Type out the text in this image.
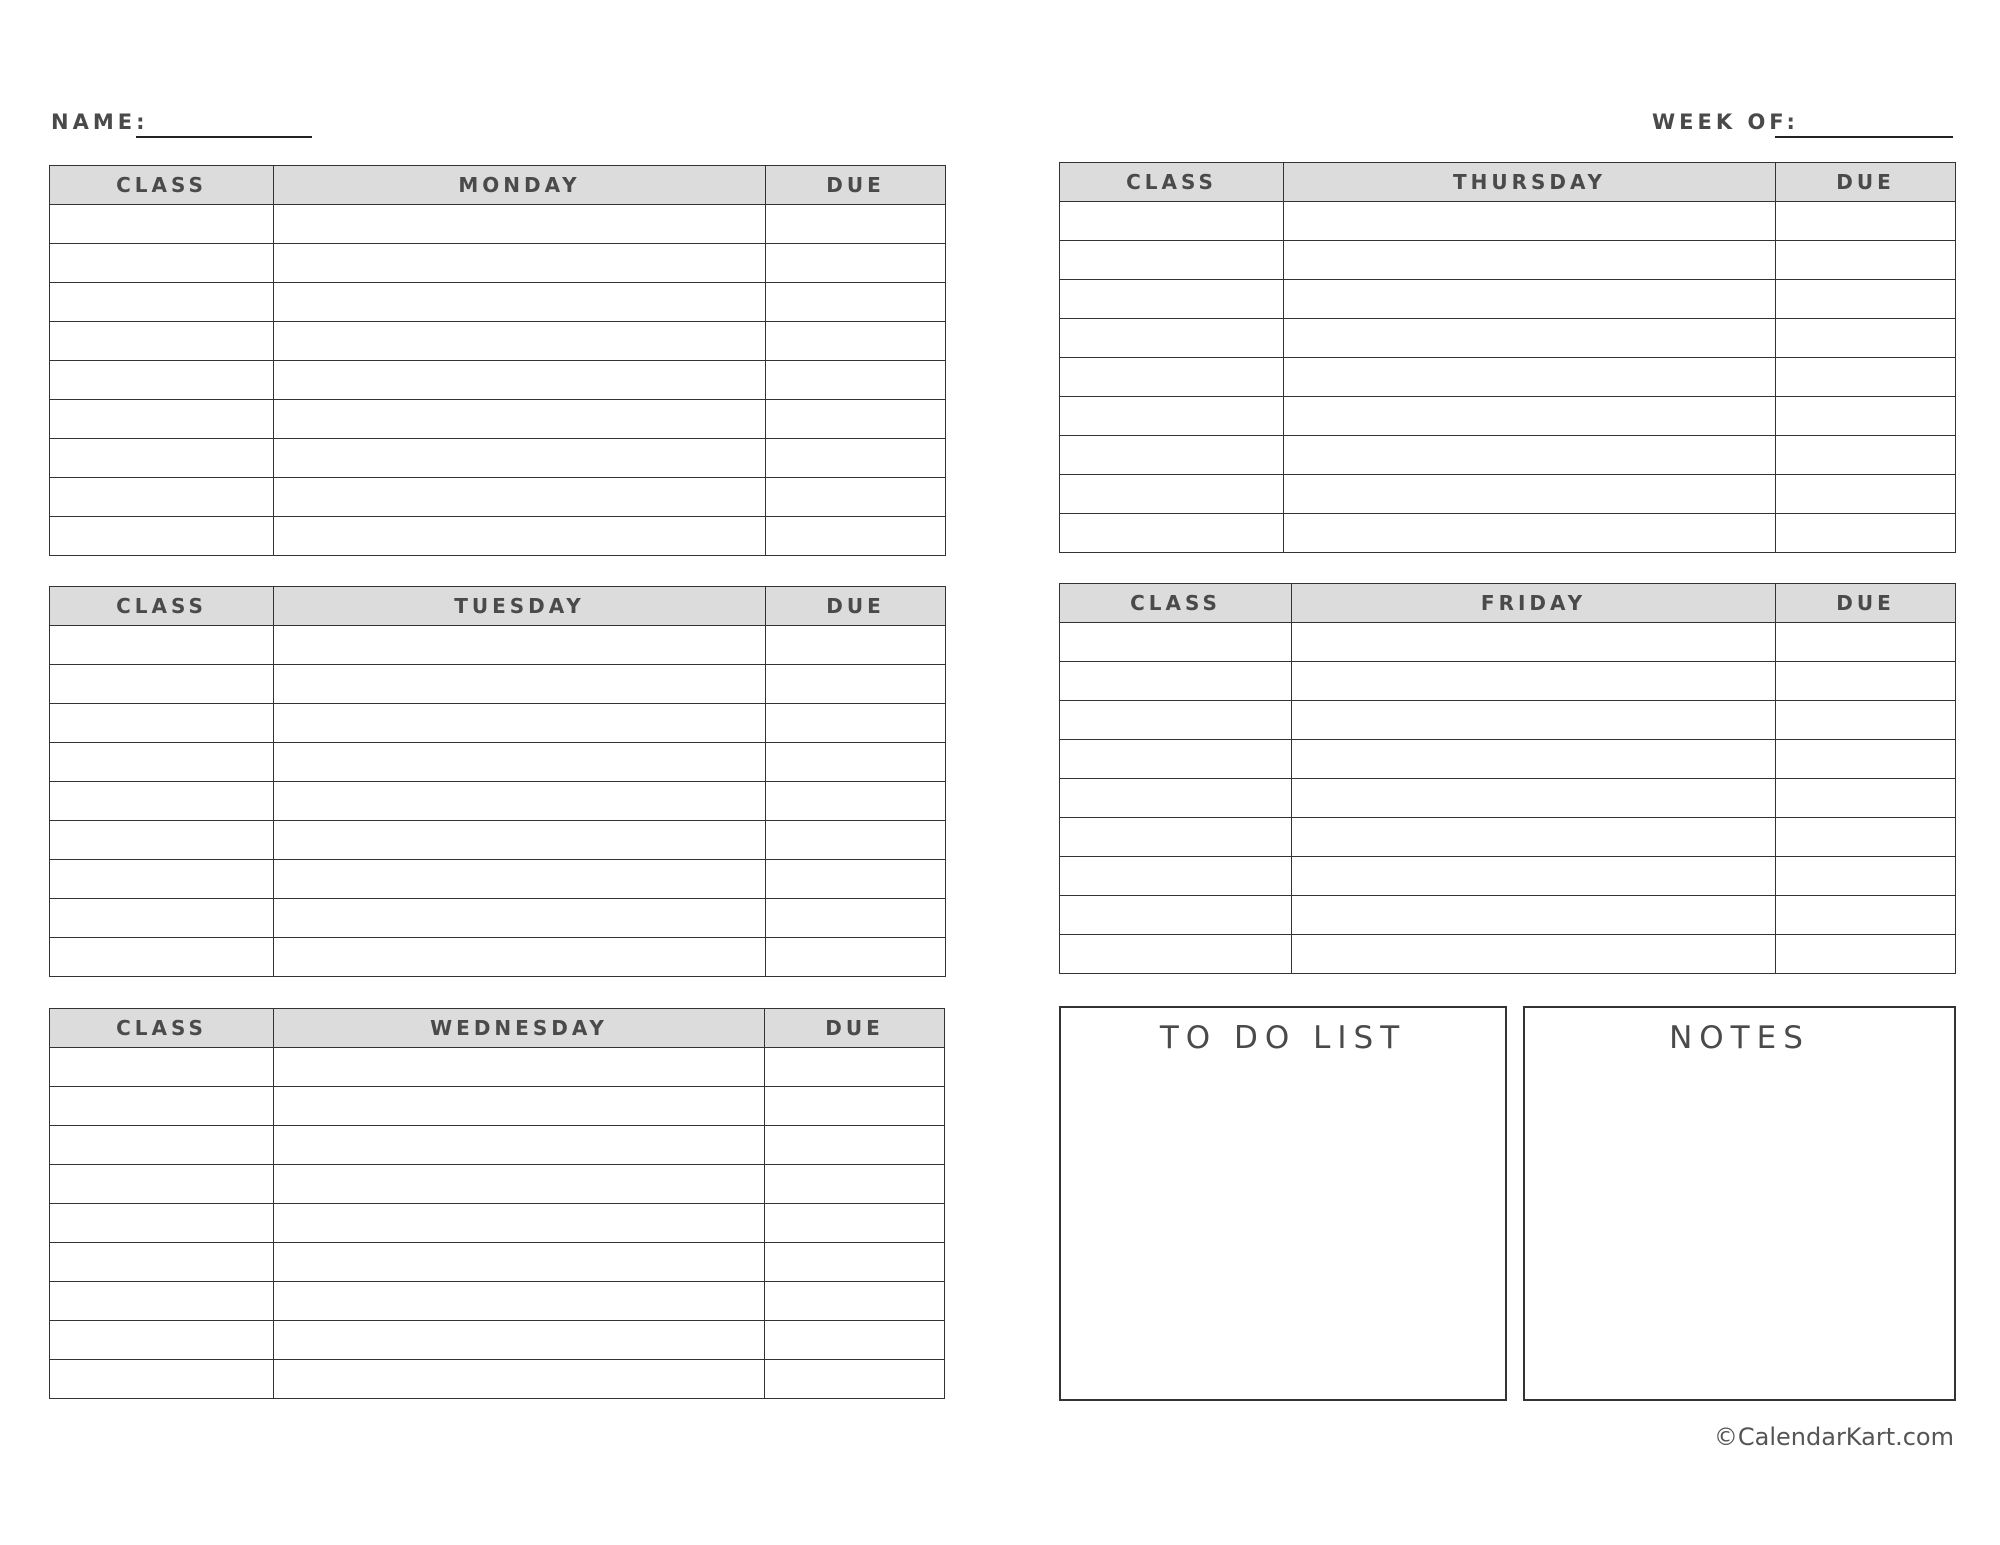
NAME:	WEEK OF:
CLASS	MONDAY	DUE

CLASS	TUESDAY	DUE

CLASS	WEDNESDAY	DUE

CLASS	THURSDAY	DUE

CLASS	FRIDAY	DUE

TO DO LIST	NOTES
©CalendarKart.com
